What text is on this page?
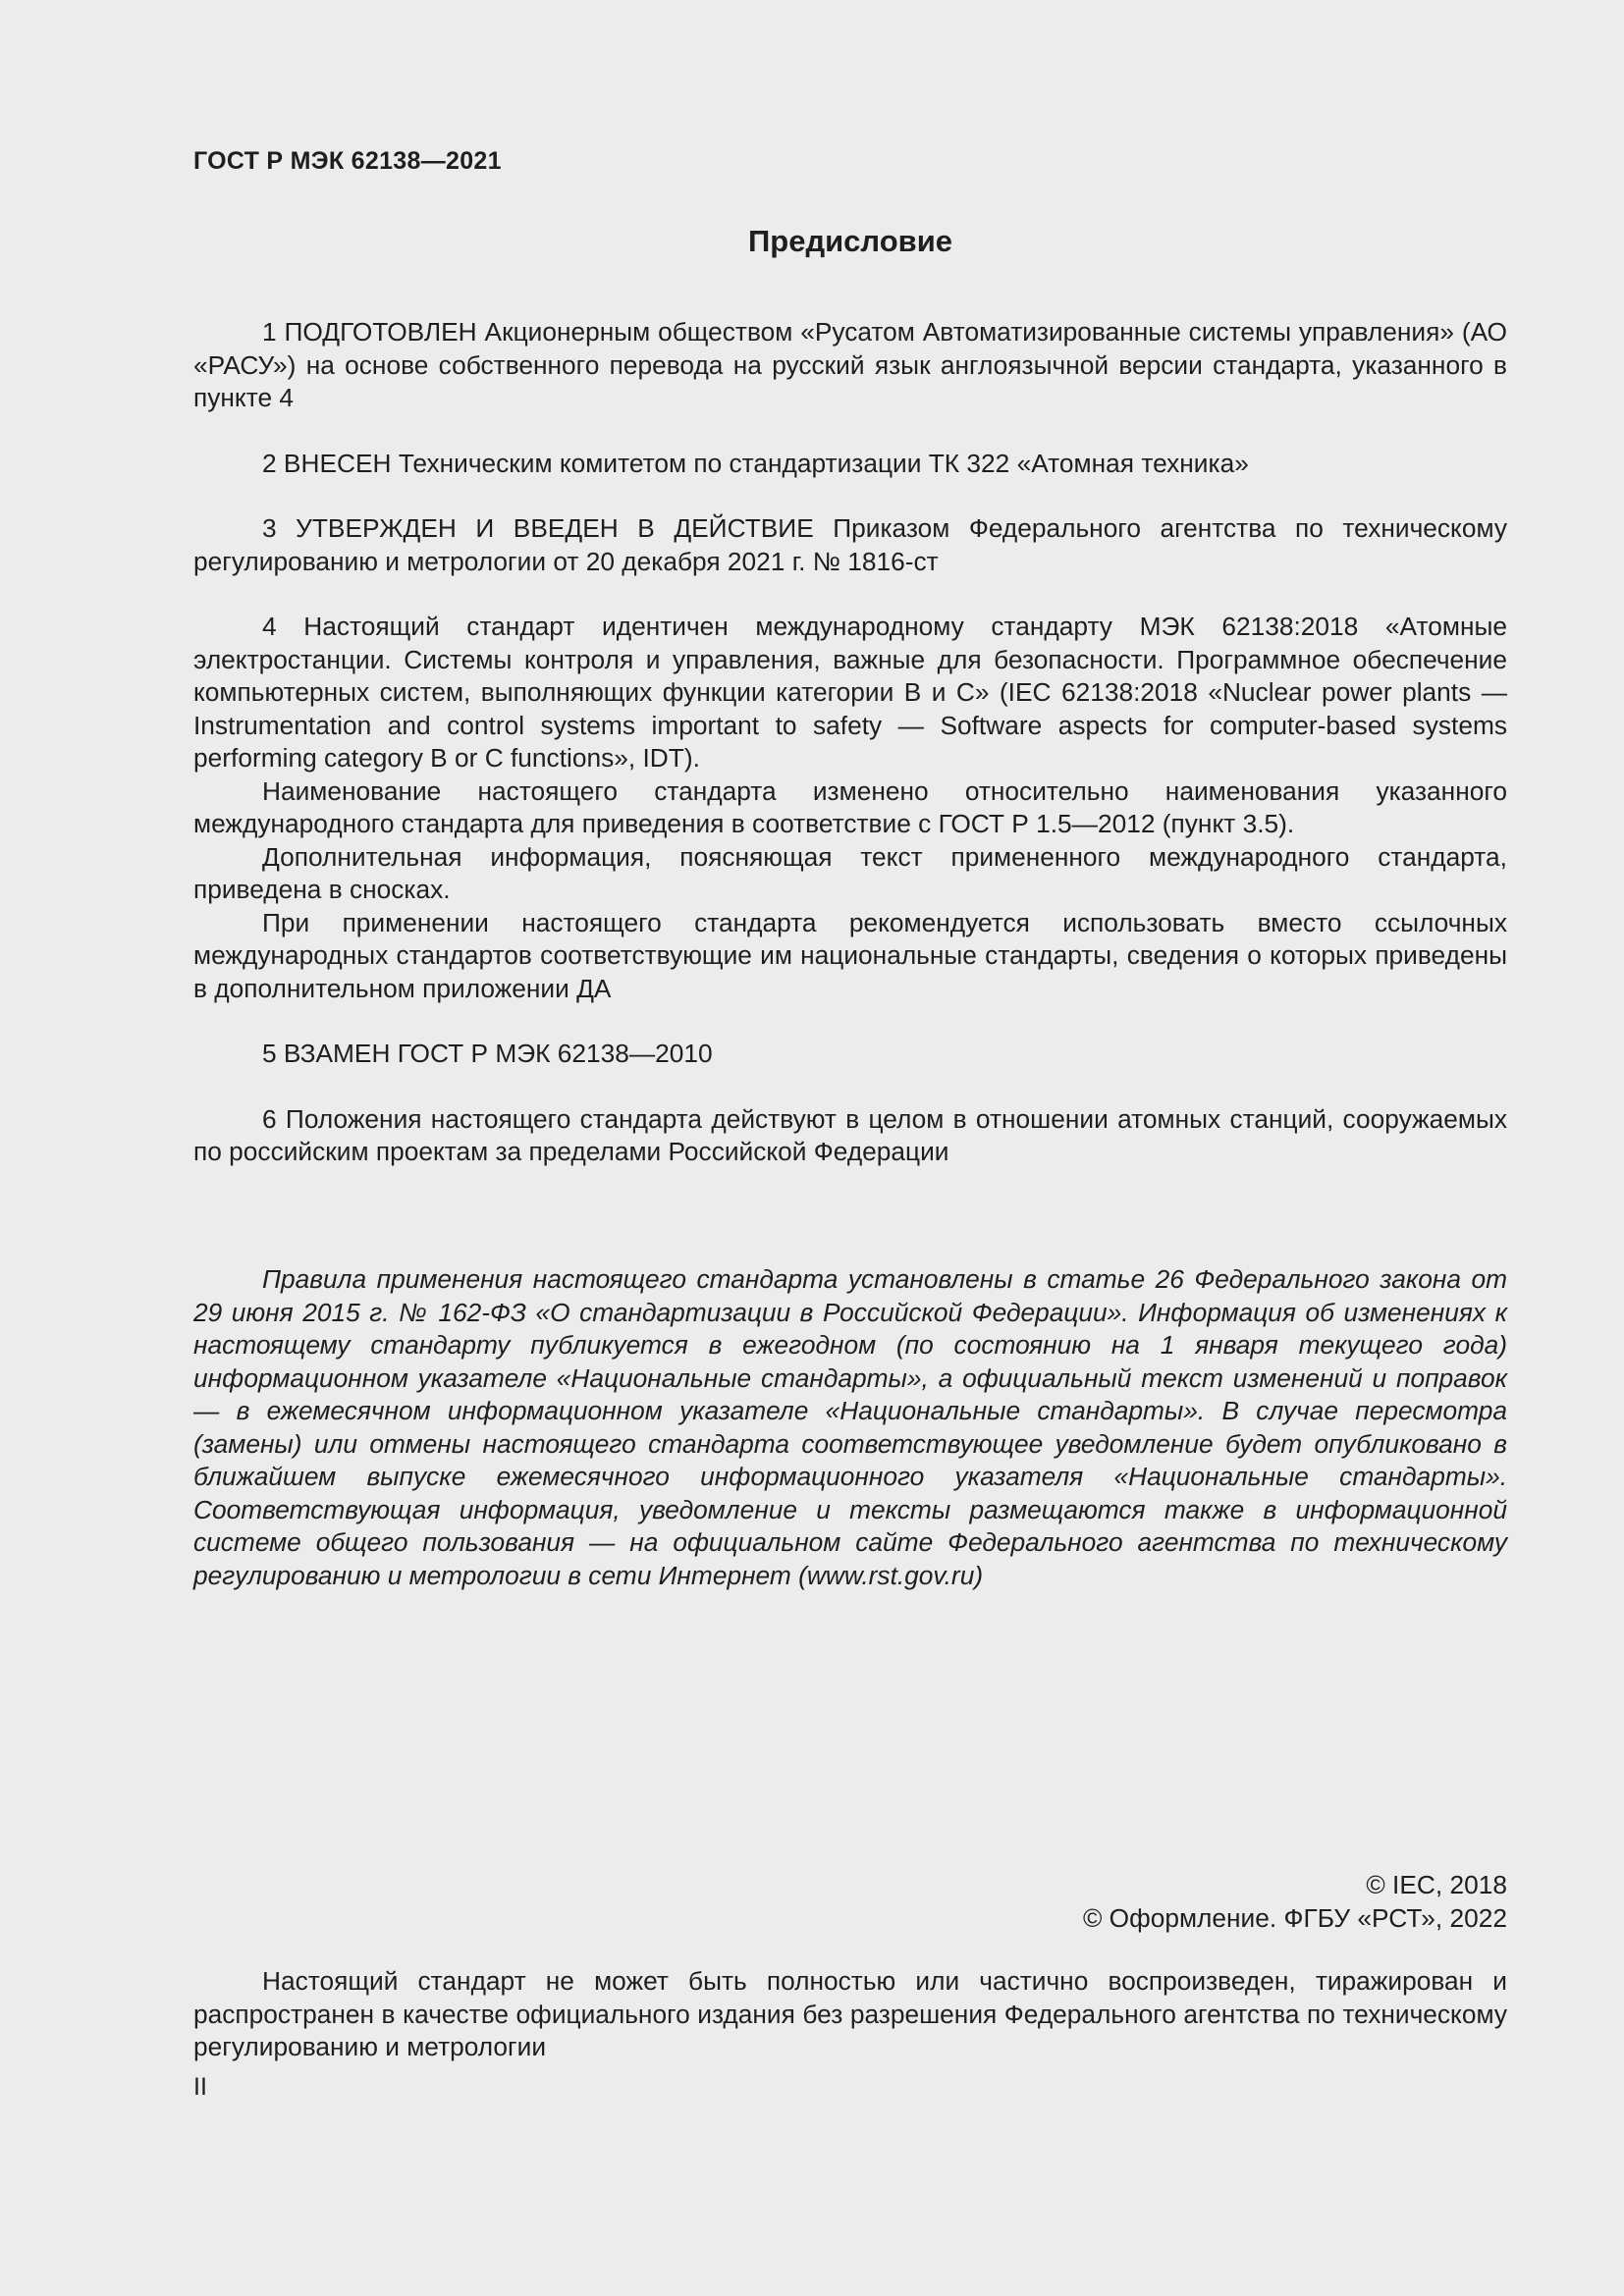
ГОСТ Р МЭК 62138—2021
Предисловие

1 ПОДГОТОВЛЕН Акционерным обществом «Русатом Автоматизированные системы управления» (АО «РАСУ») на основе собственного перевода на русский язык англоязычной версии стандарта, указанного в пункте 4

2 ВНЕСЕН Техническим комитетом по стандартизации ТК 322 «Атомная техника»

3 УТВЕРЖДЕН И ВВЕДЕН В ДЕЙСТВИЕ Приказом Федерального агентства по техническому регулированию и метрологии от 20 декабря 2021 г. № 1816-ст

4 Настоящий стандарт идентичен международному стандарту МЭК 62138:2018 «Атомные электростанции. Системы контроля и управления, важные для безопасности. Программное обеспечение компьютерных систем, выполняющих функции категории В и С» (IEC 62138:2018 «Nuclear power plants — Instrumentation and control systems important to safety — Software aspects for computer-based systems performing category B or C functions», IDT).

Наименование настоящего стандарта изменено относительно наименования указанного международного стандарта для приведения в соответствие с ГОСТ Р 1.5—2012 (пункт 3.5).

Дополнительная информация, поясняющая текст примененного международного стандарта, приведена в сносках.

При применении настоящего стандарта рекомендуется использовать вместо ссылочных международных стандартов соответствующие им национальные стандарты, сведения о которых приведены в дополнительном приложении ДА

5 ВЗАМЕН ГОСТ Р МЭК 62138—2010

6 Положения настоящего стандарта действуют в целом в отношении атомных станций, сооружаемых по российским проектам за пределами Российской Федерации

Правила применения настоящего стандарта установлены в статье 26 Федерального закона от 29 июня 2015 г. № 162-ФЗ «О стандартизации в Российской Федерации». Информация об изменениях к настоящему стандарту публикуется в ежегодном (по состоянию на 1 января текущего года) информационном указателе «Национальные стандарты», а официальный текст изменений и поправок — в ежемесячном информационном указателе «Национальные стандарты». В случае пересмотра (замены) или отмены настоящего стандарта соответствующее уведомление будет опубликовано в ближайшем выпуске ежемесячного информационного указателя «Национальные стандарты». Соответствующая информация, уведомление и тексты размещаются также в информационной системе общего пользования — на официальном сайте Федерального агентства по техническому регулированию и метрологии в сети Интернет (www.rst.gov.ru)

© IEC, 2018
© Оформление. ФГБУ «РСТ», 2022

Настоящий стандарт не может быть полностью или частично воспроизведен, тиражирован и распространен в качестве официального издания без разрешения Федерального агентства по техническому регулированию и метрологии

II
